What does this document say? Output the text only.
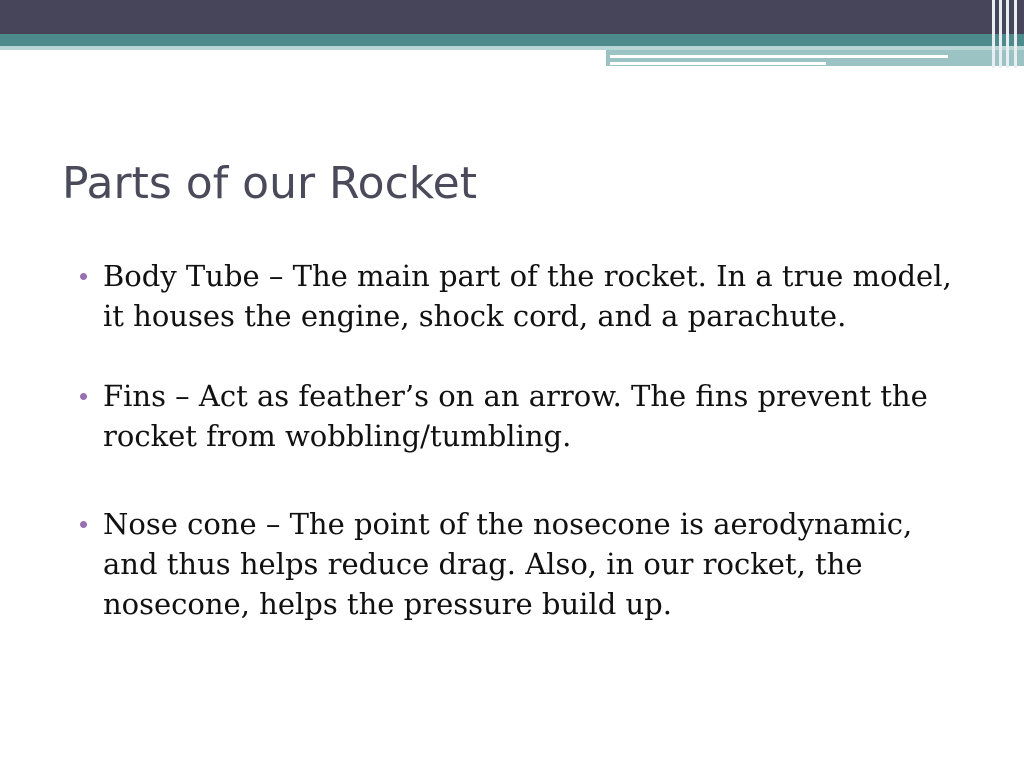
Parts of our Rocket
Body Tube – The main part of the rocket. In a true model, it houses the engine, shock cord, and a parachute.
Fins – Act as feather’s on an arrow. The fins prevent the rocket from wobbling/tumbling.
Nose cone – The point of the nosecone is aerodynamic, and thus helps reduce drag. Also, in our rocket, the nosecone, helps the pressure build up.
